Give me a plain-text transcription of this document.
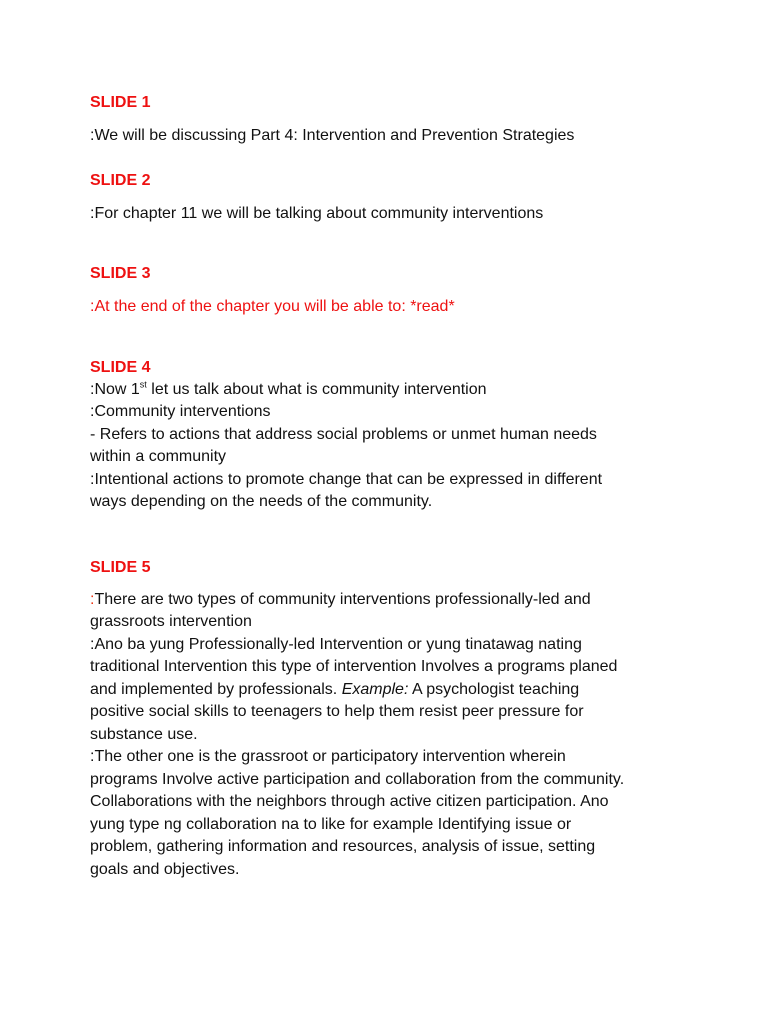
SLIDE 1
:We will be discussing Part 4: Intervention and Prevention Strategies
SLIDE 2
:For chapter 11 we will be talking about community interventions
SLIDE 3
:At the end of the chapter you will be able to: *read*
SLIDE 4
:Now 1st let us talk about what is community intervention
:Community interventions
- Refers to actions that address social problems or unmet human needs
within a community
:Intentional actions to promote change that can be expressed in different
ways depending on the needs of the community.
SLIDE 5
:There are two types of community interventions professionally-led and
grassroots intervention
:Ano ba yung Professionally-led Intervention or yung tinatawag nating
traditional Intervention this type of intervention Involves a programs planed
and implemented by professionals. Example: A psychologist teaching
positive social skills to teenagers to help them resist peer pressure for
substance use.
:The other one is the grassroot or participatory intervention wherein
programs Involve active participation and collaboration from the community.
Collaborations with the neighbors through active citizen participation. Ano
yung type ng collaboration na to like for example Identifying issue or
problem, gathering information and resources, analysis of issue, setting
goals and objectives.
